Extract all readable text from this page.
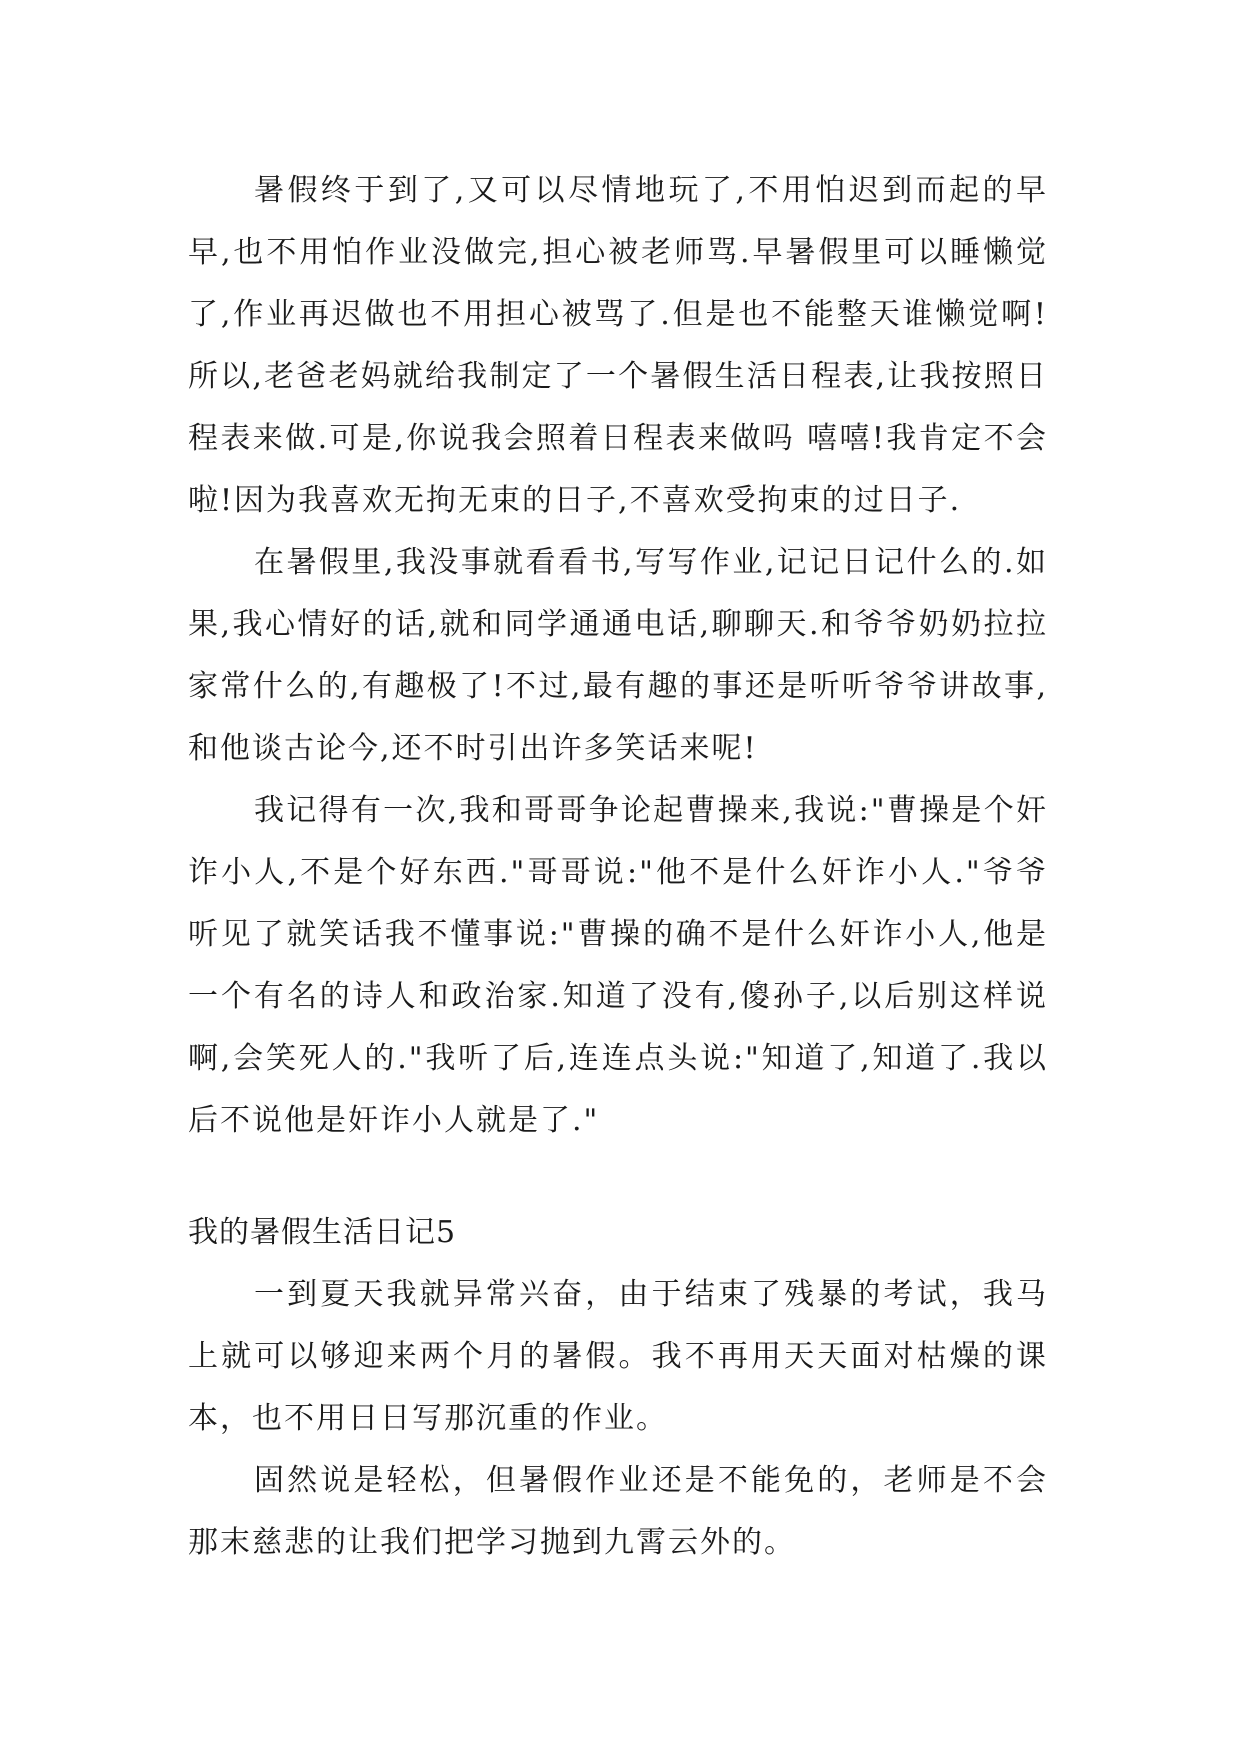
暑假终于到了,又可以尽情地玩了,不用怕迟到而起的早早,也不用怕作业没做完,担心被老师骂.早暑假里可以睡懒觉了,作业再迟做也不用担心被骂了.但是也不能整天谁懒觉啊!所以,老爸老妈就给我制定了一个暑假生活日程表,让我按照日程表来做.可是,你说我会照着日程表来做吗 嘻嘻!我肯定不会啦!因为我喜欢无拘无束的日子,不喜欢受拘束的过日子.

在暑假里,我没事就看看书,写写作业,记记日记什么的.如果,我心情好的话,就和同学通通电话,聊聊天.和爷爷奶奶拉拉家常什么的,有趣极了!不过,最有趣的事还是听听爷爷讲故事,和他谈古论今,还不时引出许多笑话来呢!

我记得有一次,我和哥哥争论起曹操来,我说:"曹操是个奸诈小人,不是个好东西."哥哥说:"他不是什么奸诈小人."爷爷听见了就笑话我不懂事说:"曹操的确不是什么奸诈小人,他是一个有名的诗人和政治家.知道了没有,傻孙子,以后别这样说啊,会笑死人的."我听了后,连连点头说:"知道了,知道了.我以后不说他是奸诈小人就是了."

我的暑假生活日记5

一到夏天我就异常兴奋，由于结束了残暴的考试，我马上就可以够迎来两个月的暑假。我不再用天天面对枯燥的课本，也不用日日写那沉重的作业。

固然说是轻松，但暑假作业还是不能免的，老师是不会那末慈悲的让我们把学习抛到九霄云外的。
